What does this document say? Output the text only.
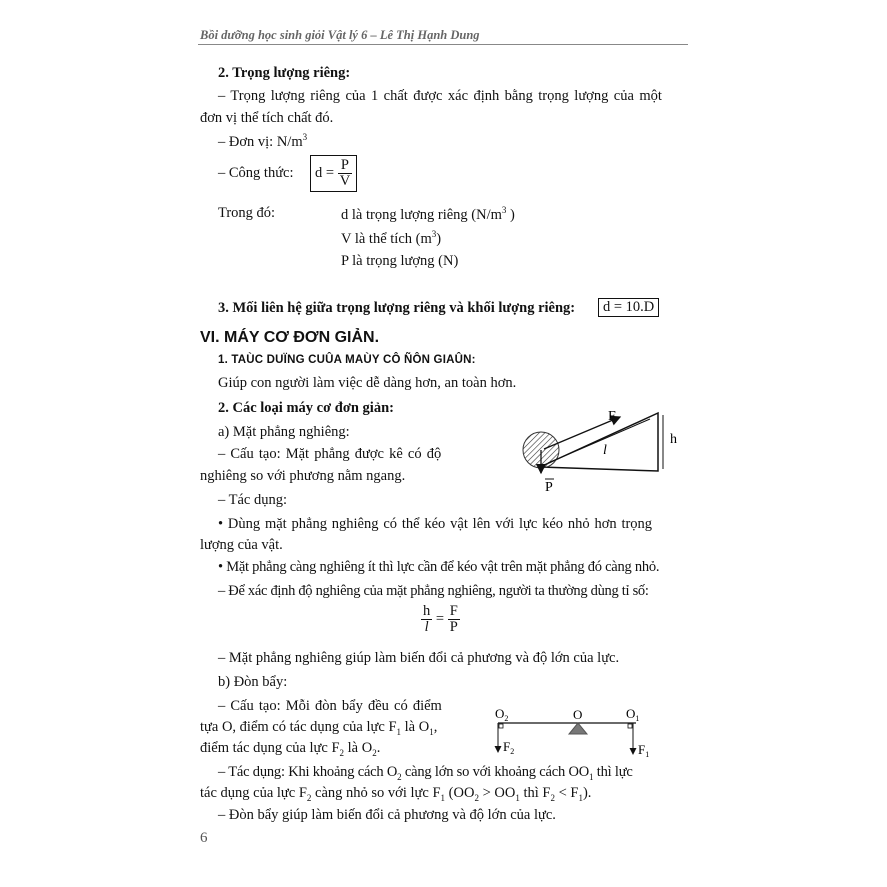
Bồi dưỡng học sinh giỏi Vật lý 6 – Lê Thị Hạnh Dung
2. Trọng lượng riêng:
– Trọng lượng riêng của 1 chất được xác định bằng trọng lượng của một
đơn vị thể tích chất đó.
– Đơn vị: $N/m^3$
– Công thức:	$d = \frac{P}{V}$
Trong đó:	d là trọng lượng riêng ($N/m^3$ )
V là thể tích $(m^3)$
P là trọng lượng (N)
3. Mối liên hệ giữa trọng lượng riêng và khối lượng riêng:	d = 10.D
VI. MÁY CƠ ĐƠN GIẢN.
1. TAÙC DUÏNG CUÛA MAÙY CÔ ÑÔN GIAÛN:
Giúp con người làm việc dễ dàng hơn, an toàn hơn.
2. Các loại máy cơ đơn giản:
a) Mặt phẳng nghiêng:
– Cấu tạo: Mặt phẳng được kê có độ
nghiêng so với phương nằm ngang.
– Tác dụng:
• Dùng mặt phẳng nghiêng có thể kéo vật lên với lực kéo nhỏ hơn trọng
lượng của vật.
• Mặt phẳng càng nghiêng ít thì lực cần để kéo vật trên mặt phẳng đó càng nhỏ.
– Để xác định độ nghiêng của mặt phẳng nghiêng, người ta thường dùng tỉ số:
$\frac{h}{l} = \frac{F}{P}$
– Mặt phẳng nghiêng giúp làm biến đổi cả phương và độ lớn của lực.
b) Đòn bẩy:
– Cấu tạo: Mỗi đòn bẩy đều có điểm
tựa O, điểm có tác dụng của lực $F_1$ là $O_1$,
điểm tác dụng của lực $F_2$ là $O_2$.
– Tác dụng: Khi khoảng cách $O_2$ càng lớn so với khoảng cách $OO_1$ thì lực
tác dụng của lực $F_2$ càng nhỏ so với lực $F_1$ ($OO_2 > OO_1$ thì $F_2 < F_1$).
– Đòn bẩy giúp làm biến đổi cả phương và độ lớn của lực.
6
F
l
h
P
$O_2$	O	$O_1$
$F_2$	$F_1$
